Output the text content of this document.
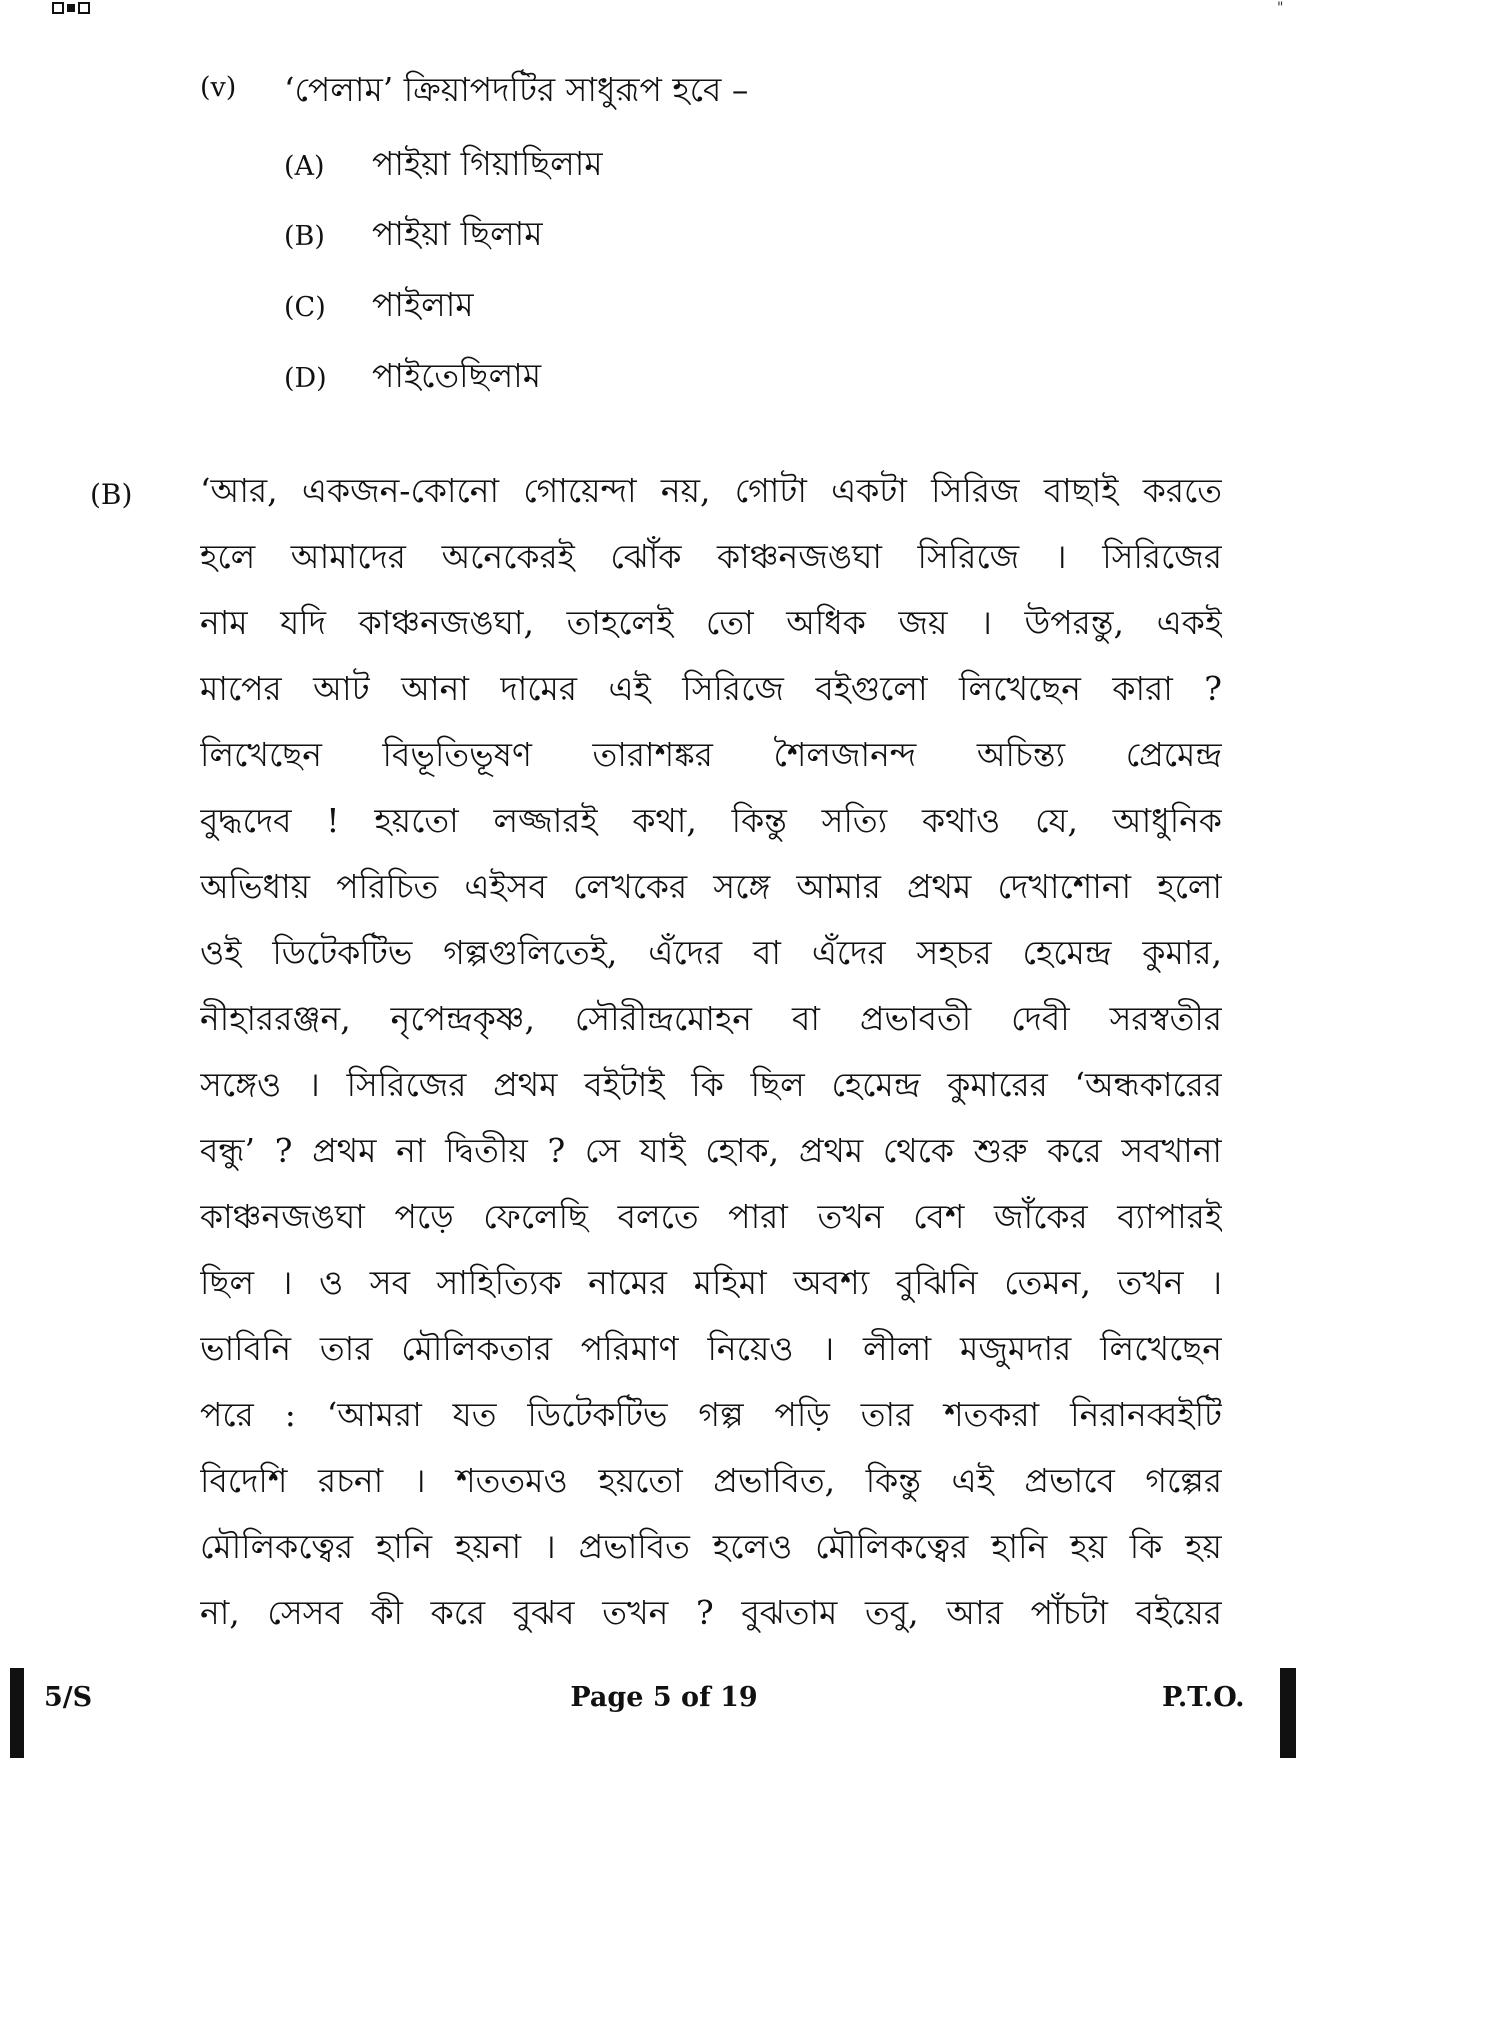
"
(v) ‘পেলাম’ ক্রিয়াপদটির সাধুরূপ হবে –
(A)	পাইয়া গিয়াছিলাম
(B)	পাইয়া ছিলাম
(C)	পাইলাম
(D)	পাইতেছিলাম
(B) ‘আর, একজন-কোনো গোয়েন্দা নয়, গোটা একটা সিরিজ বাছাই করতে
হলে আমাদের অনেকেরই ঝোঁক কাঞ্চনজঙঘা সিরিজে । সিরিজের
নাম যদি কাঞ্চনজঙঘা, তাহলেই তো অধিক জয় । উপরন্তু, একই
মাপের আট আনা দামের এই সিরিজে বইগুলো লিখেছেন কারা ?
লিখেছেন বিভূতিভূষণ তারাশঙ্কর শৈলজানন্দ অচিন্ত্য প্রেমেন্দ্র
বুদ্ধদেব ! হয়তো লজ্জারই কথা, কিন্তু সত্যি কথাও যে, আধুনিক
অভিধায় পরিচিত এইসব লেখকের সঙ্গে আমার প্রথম দেখাশোনা হলো
ওই ডিটেকটিভ গল্পগুলিতেই, এঁদের বা এঁদের সহচর হেমেন্দ্র কুমার,
নীহাররঞ্জন, নৃপেন্দ্রকৃষ্ণ, সৌরীন্দ্রমোহন বা প্রভাবতী দেবী সরস্বতীর
সঙ্গেও । সিরিজের প্রথম বইটাই কি ছিল হেমেন্দ্র কুমারের ‘অন্ধকারের
বন্ধু’ ? প্রথম না দ্বিতীয় ? সে যাই হোক, প্রথম থেকে শুরু করে সবখানা
কাঞ্চনজঙঘা পড়ে ফেলেছি বলতে পারা তখন বেশ জাঁকের ব্যাপারই
ছিল । ও সব সাহিত্যিক নামের মহিমা অবশ্য বুঝিনি তেমন, তখন ।
ভাবিনি তার মৌলিকতার পরিমাণ নিয়েও । লীলা মজুমদার লিখেছেন
পরে : ‘আমরা যত ডিটেকটিভ গল্প পড়ি তার শতকরা নিরানব্বইটি
বিদেশি রচনা । শততমও হয়তো প্রভাবিত, কিন্তু এই প্রভাবে গল্পের
মৌলিকত্বের হানি হয়না । প্রভাবিত হলেও মৌলিকত্বের হানি হয় কি হয়
না, সেসব কী করে বুঝব তখন ? বুঝতাম তবু, আর পাঁচটা বইয়ের
5/S	Page 5 of 19	P.T.O.
